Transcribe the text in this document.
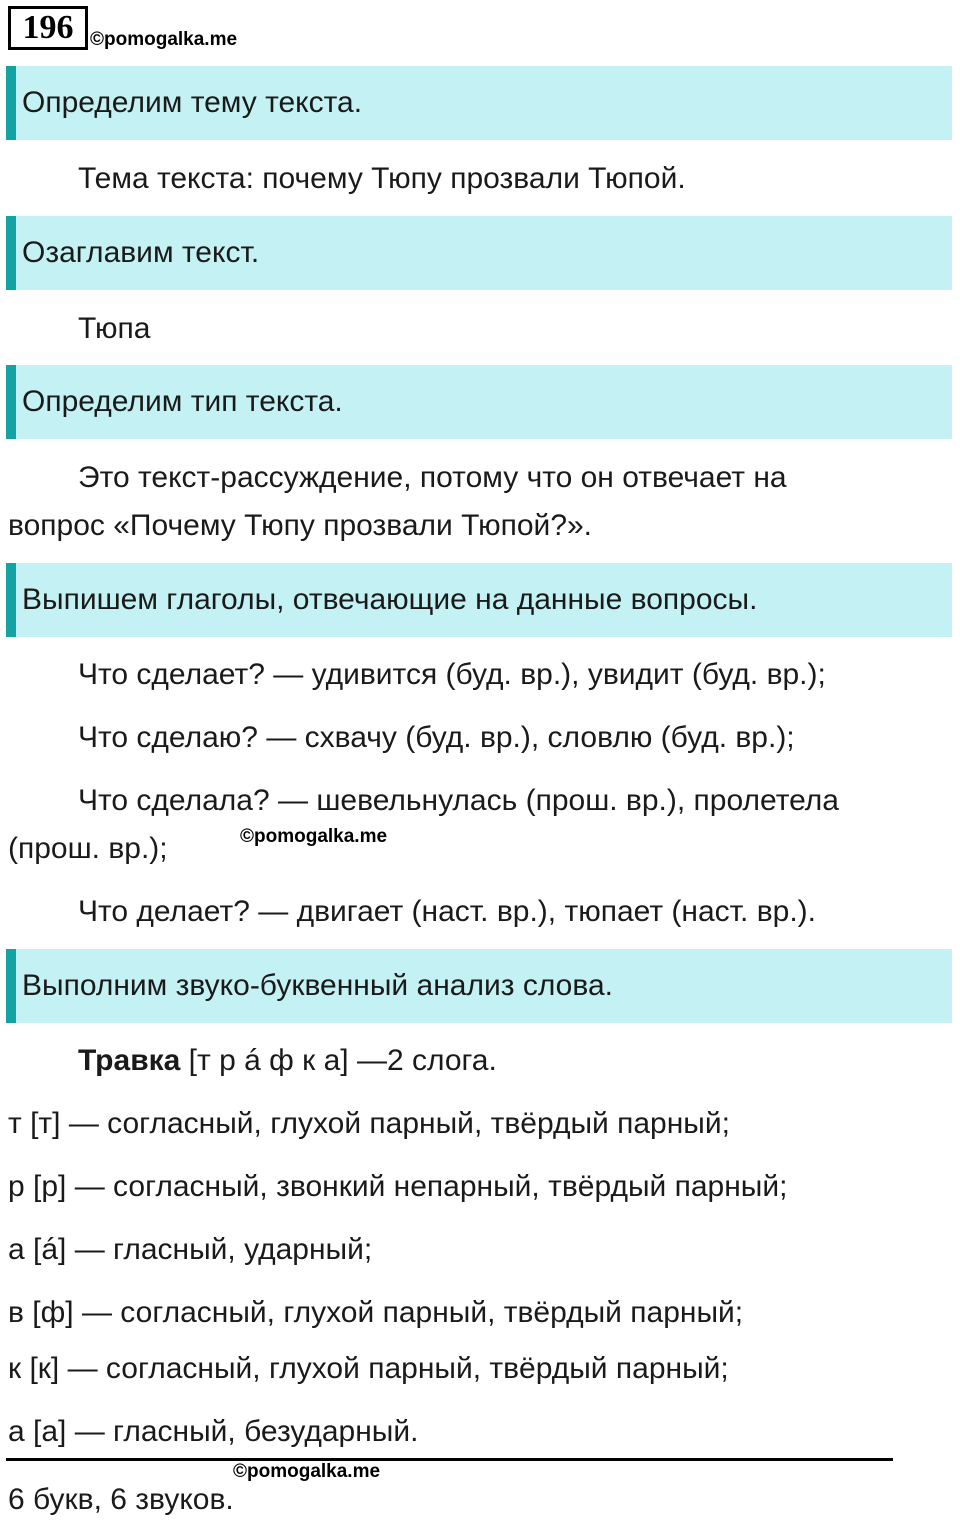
196 ©pomogalka.me
Определим тему текста.
Тема текста: почему Тюпу прозвали Тюпой.
Озаглавим текст.
Тюпа
Определим тип текста.
Это текст-рассуждение, потому что он отвечает на
вопрос «Почему Тюпу прозвали Тюпой?».
Выпишем глаголы, отвечающие на данные вопросы.
Что сделает? — удивится (буд. вр.), увидит (буд. вр.);
Что сделаю? — схвачу (буд. вр.), словлю (буд. вр.);
Что сделала? — шевельнулась (прош. вр.), пролетела
(прош. вр.);	©pomogalka.me
Что делает? — двигает (наст. вр.), тюпает (наст. вр.).
Выполним звуко-буквенный анализ слова.
Травка [т р á ф к а] —2 слога.
т [т] — согласный, глухой парный, твёрдый парный;
р [р] — согласный, звонкий непарный, твёрдый парный;
а [á] — гласный, ударный;
в [ф] — согласный, глухой парный, твёрдый парный;
к [к] — согласный, глухой парный, твёрдый парный;
а [а] — гласный, безударный.
©pomogalka.me
6 букв, 6 звуков.
